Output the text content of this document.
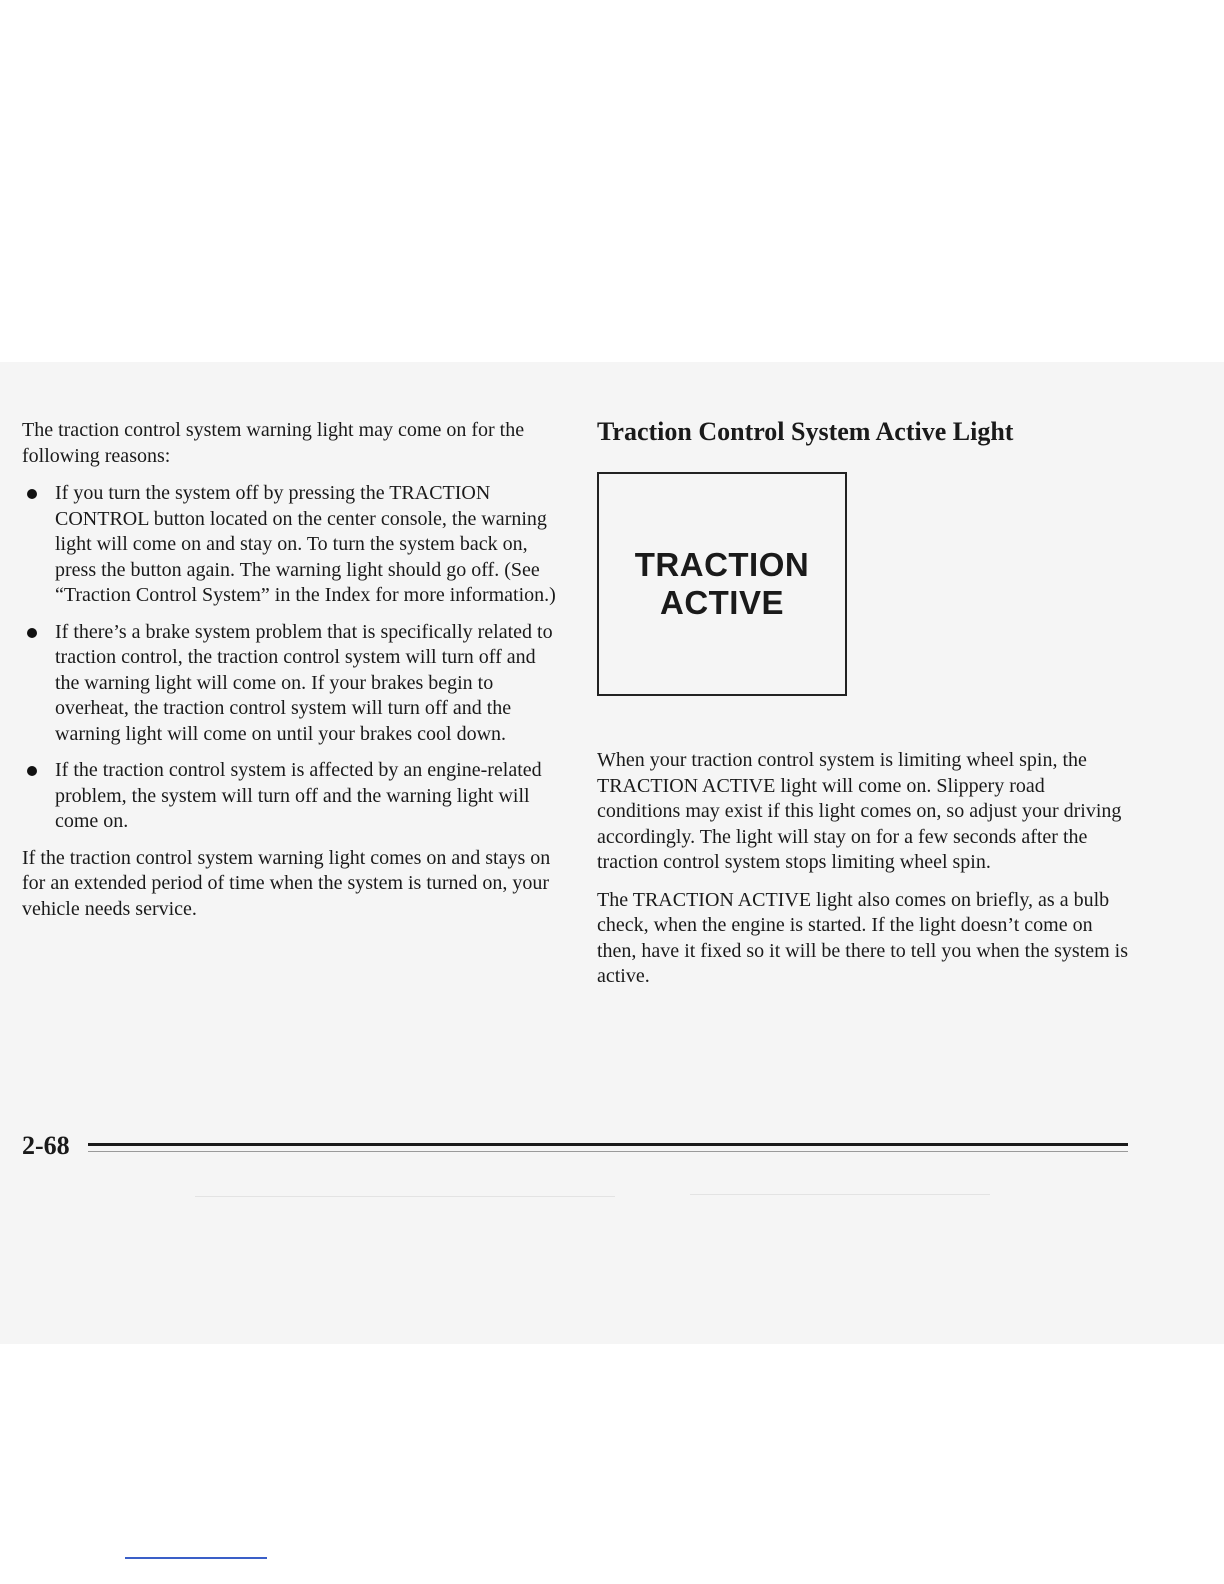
The traction control system warning light may come on for the following reasons:

If you turn the system off by pressing the TRACTION CONTROL button located on the center console, the warning light will come on and stay on. To turn the system back on, press the button again. The warning light should go off. (See “Traction Control System” in the Index for more information.)
If there’s a brake system problem that is specifically related to traction control, the traction control system will turn off and the warning light will come on. If your brakes begin to overheat, the traction control system will turn off and the warning light will come on until your brakes cool down.
If the traction control system is affected by an engine-related problem, the system will turn off and the warning light will come on.

If the traction control system warning light comes on and stays on for an extended period of time when the system is turned on, your vehicle needs service.

Traction Control System Active Light
TRACTION
ACTIVE

When your traction control system is limiting wheel spin, the TRACTION ACTIVE light will come on. Slippery road conditions may exist if this light comes on, so adjust your driving accordingly. The light will stay on for a few seconds after the traction control system stops limiting wheel spin.

The TRACTION ACTIVE light also comes on briefly, as a bulb check, when the engine is started. If the light doesn’t come on then, have it fixed so it will be there to tell you when the system is active.

2-68
